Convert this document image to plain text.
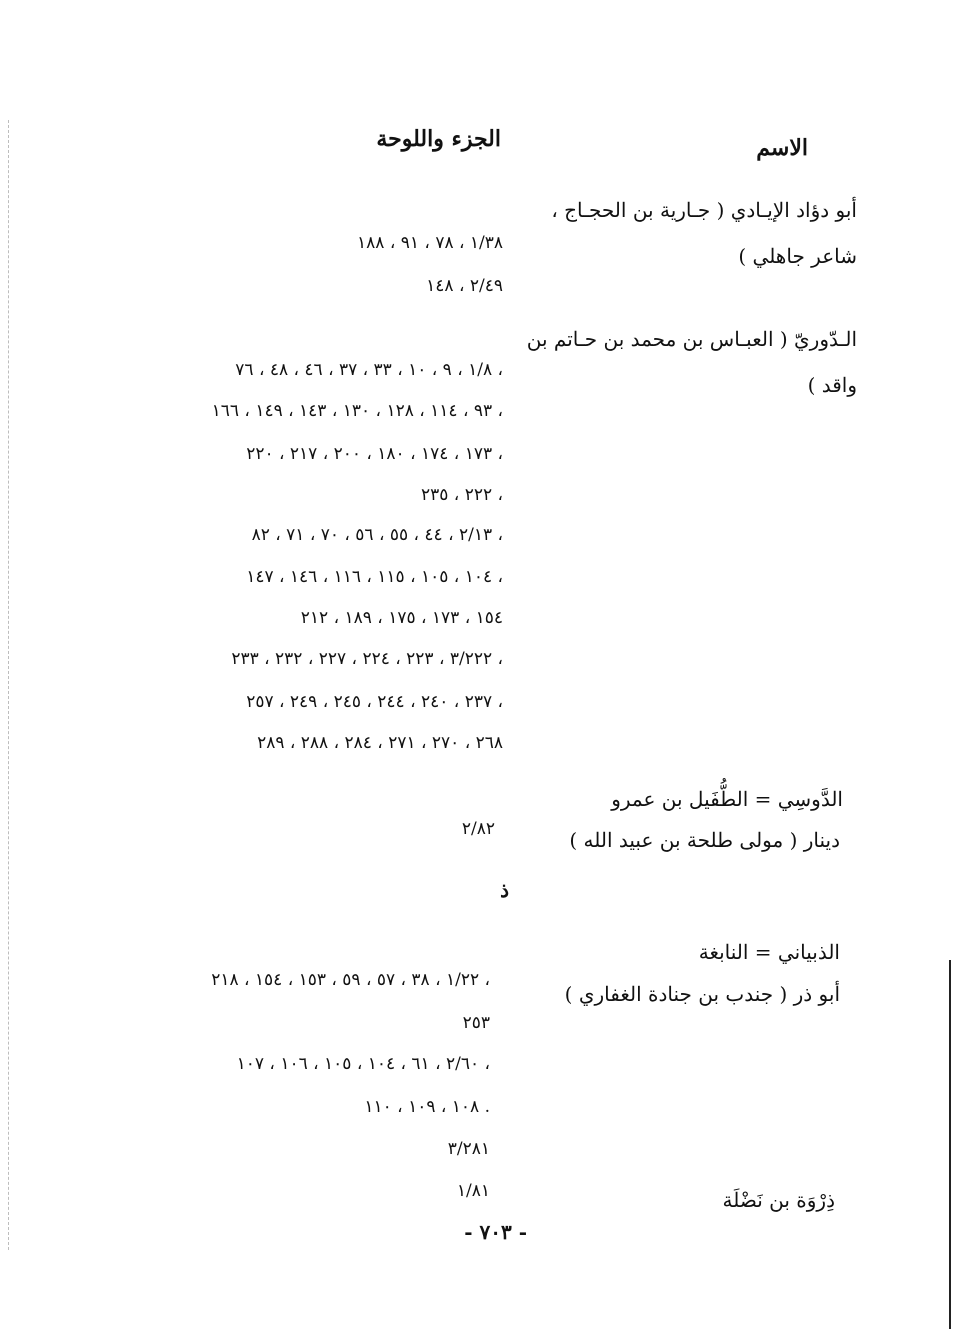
الاسم
الجزء واللوحة
أبو دؤاد الإيـادي ( جـارية بن الحجـاج ،
شاعر جاهلي )
١/٣٨ ، ٧٨ ، ٩١ ، ١٨٨
٢/٤٩ ، ١٤٨
الـدّوريّ ( العبـاس بن محمد بن حـاتم بن
واقد )
١/٨ ، ٩ ، ١٠ ، ٣٣ ، ٣٧ ، ٤٦ ، ٤٨ ، ٧٦ ،
٩٣ ، ١١٤ ، ١٢٨ ، ١٣٠ ، ١٤٣ ، ١٤٩ ، ١٦٦ ،
١٧٣ ، ١٧٤ ، ١٨٠ ، ٢٠٠ ، ٢١٧ ، ٢٢٠ ،
٢٢٢ ، ٢٣٥ ،
٢/١٣ ، ٤٤ ، ٥٥ ، ٥٦ ، ٧٠ ، ٧١ ، ٨٢ ،
١٠٤ ، ١٠٥ ، ١١٥ ، ١١٦ ، ١٤٦ ، ١٤٧ ،
١٥٤ ، ١٧٣ ، ١٧٥ ، ١٨٩ ، ٢١٢
٣/٢٢٢ ، ٢٢٣ ، ٢٢٤ ، ٢٢٧ ، ٢٣٢ ، ٢٣٣ ،
٢٣٧ ، ٢٤٠ ، ٢٤٤ ، ٢٤٥ ، ٢٤٩ ، ٢٥٧ ،
٢٦٨ ، ٢٧٠ ، ٢٧١ ، ٢٨٤ ، ٢٨٨ ، ٢٨٩
الدَّوسِي = الطُّفَيل بن عمرو
دينار ( مولى طلحة بن عبيد الله )
٢/٨٢
ذ
الذبياني = النابغة
أبو ذر ( جندب بن جنادة الغفاري )
١/٢٢ ، ٣٨ ، ٥٧ ، ٥٩ ، ١٥٣ ، ١٥٤ ، ٢١٨ ،
٢٥٣
٢/٦٠ ، ٦١ ، ١٠٤ ، ١٠٥ ، ١٠٦ ، ١٠٧ ،
١٠٨ ، ١٠٩ ، ١١٠ .
٣/٢٨١
ذِرْوَة بن نَضْلَة
١/٨١
- ٧٠٣ -
